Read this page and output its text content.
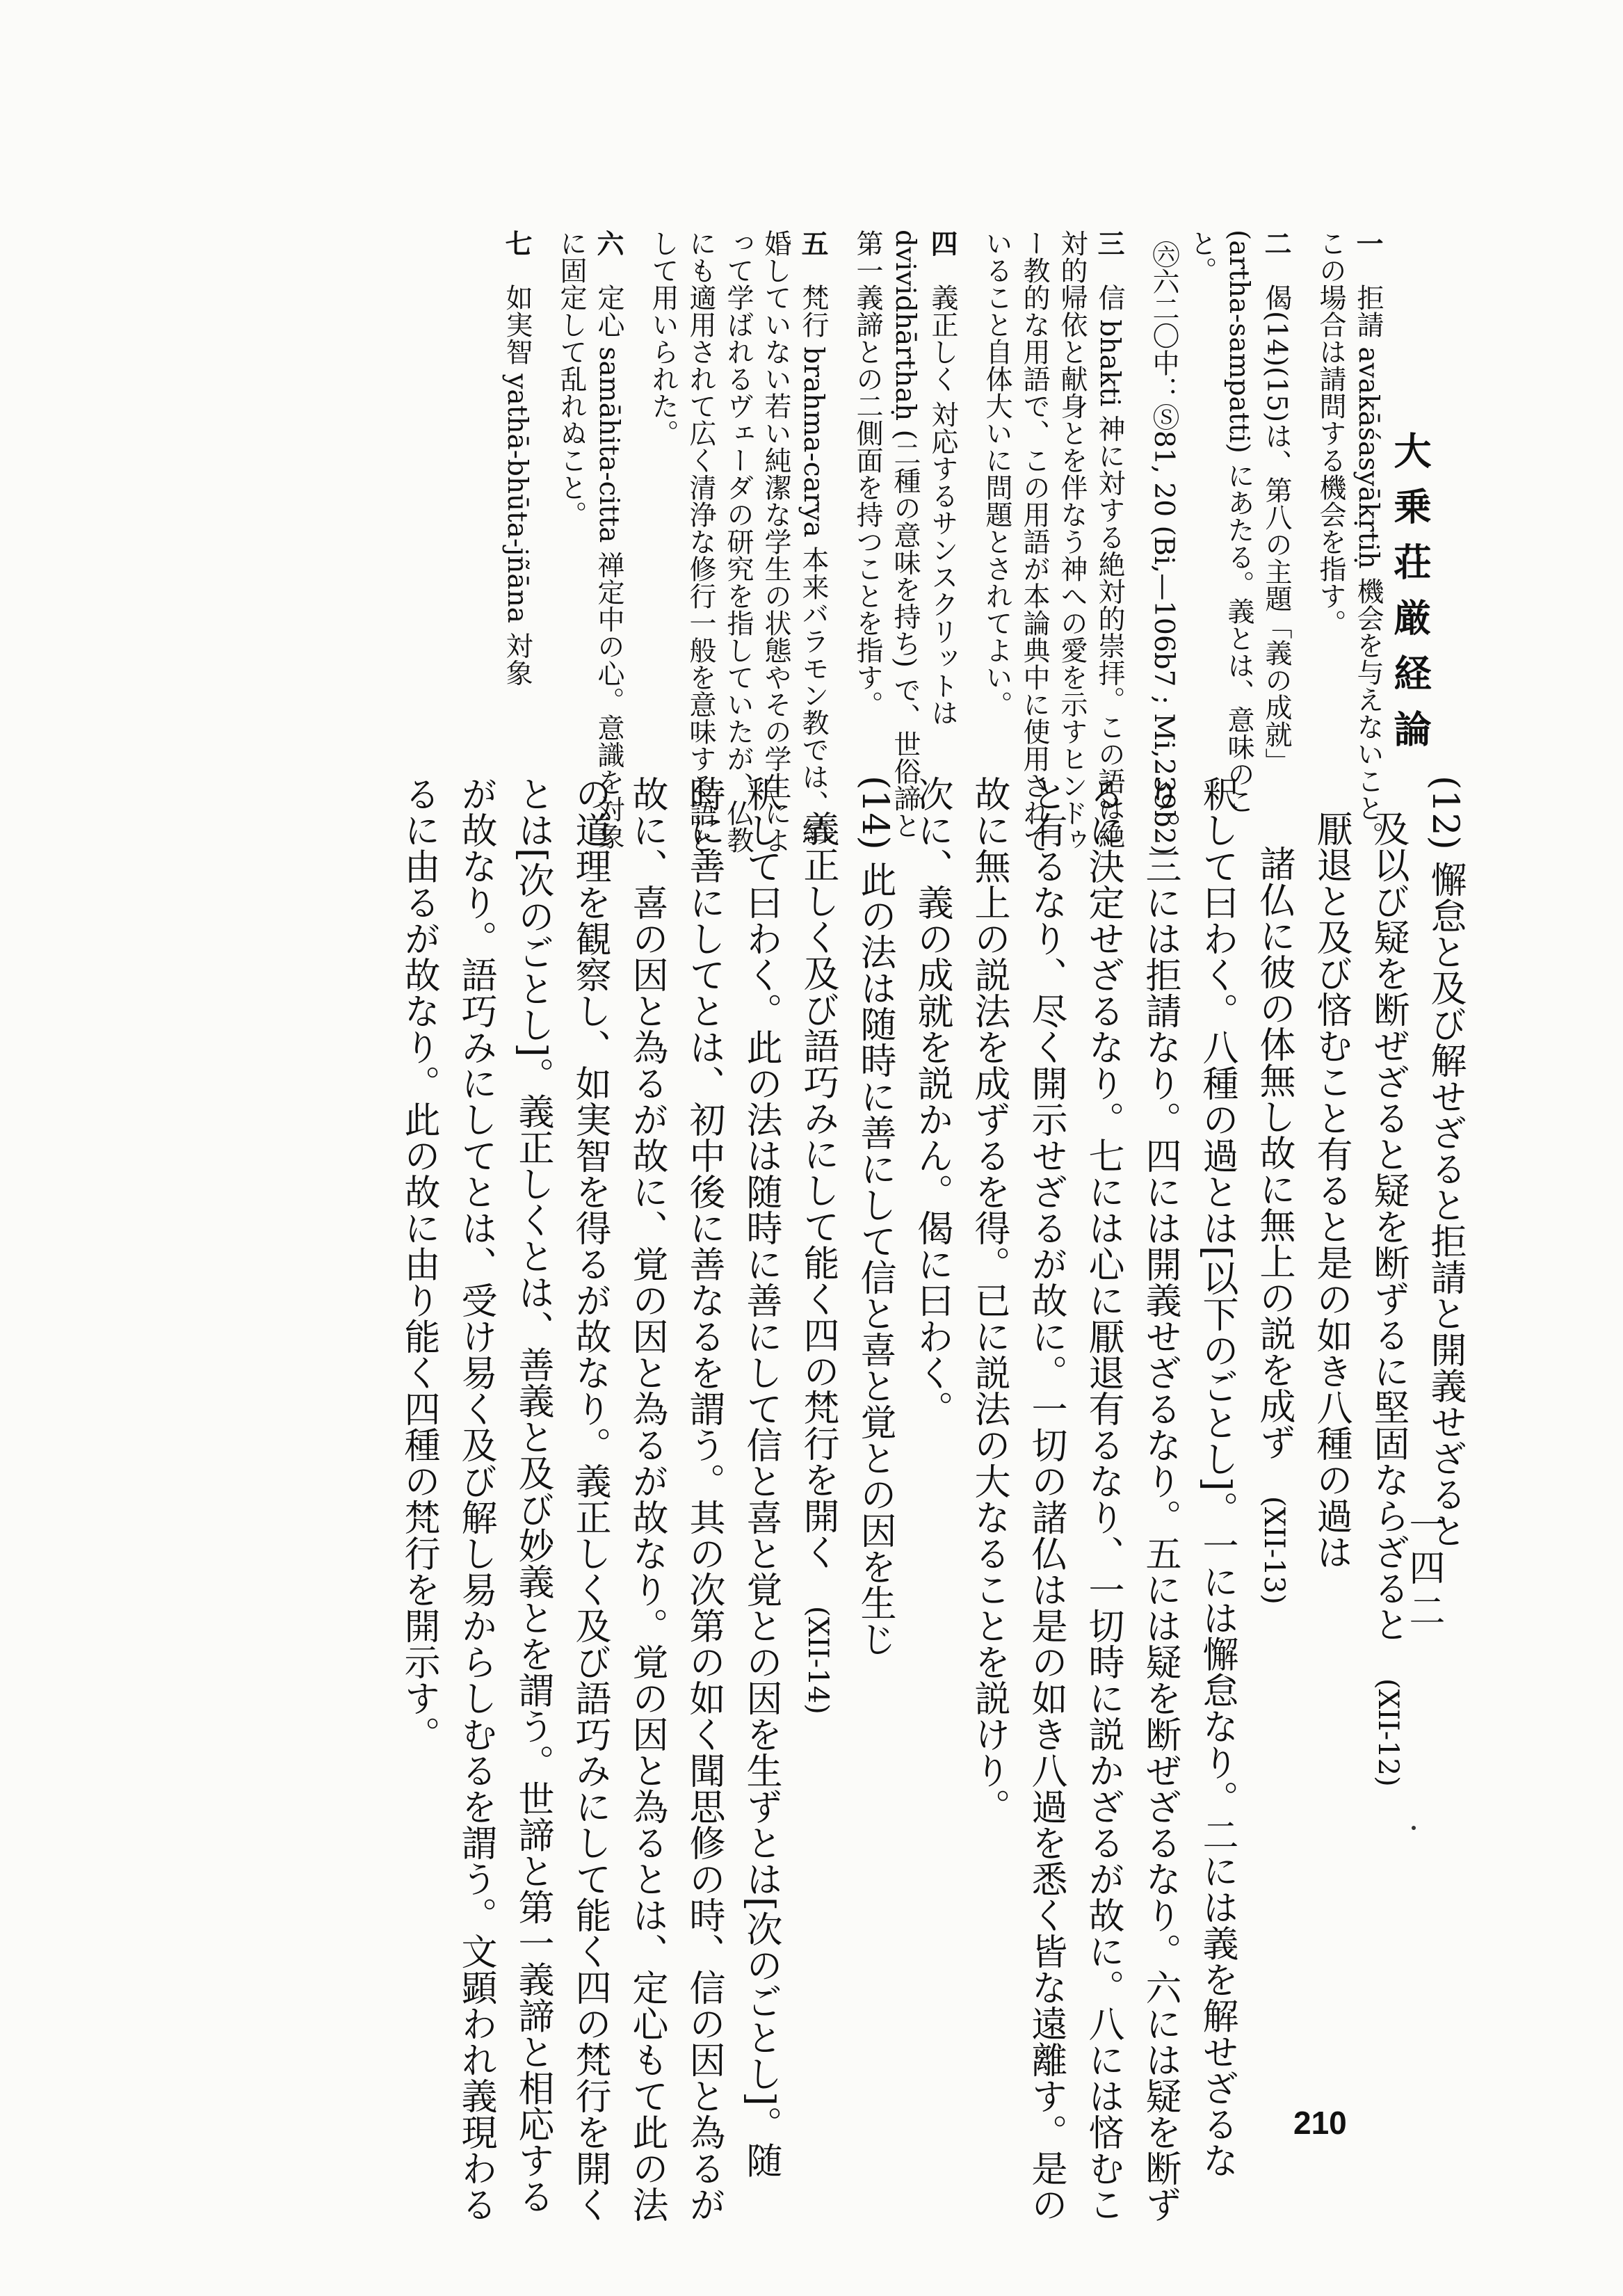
大乗荘厳経論
一四二
210
一　拒請 avakāśasyākṛtiḥ 機会を与えないこと。この場合は請問する機会を指す。
二　偈(14)(15)は、第八の主題「義の成就」(artha-sampatti) にあたる。義とは、意味のこと。
㊅六二〇中：Ⓢ81, 20 (Bi,—106b7 ; Mi,239b2)
三　信 bhakti 神に対する絶対的崇拝。この語は絶対的帰依と献身とを伴なう神への愛を示すヒンドゥー教的な用語で、この用語が本論典中に使用されていること自体大いに問題とされてよい。
四　義正しく 対応するサンスクリットは dvividhārthaḥ (二種の意味を持ち) で、世俗諦と第一義諦との二側面を持つことを指す。
五　梵行 brahma-carya 本来バラモン教では、結婚していない若い純潔な学生の状態やその学生によって学ばれるヴェーダの研究を指していたが、仏教にも適用されて広く清浄な修行一般を意味する語として用いられた。
六　定心 samāhita-citta 禅定中の心。意識を対象に固定して乱れぬこと。
七　如実智 yathā-bhūta-jñāna 対象
(12) 懈怠と及び解せざると拒請と開義せざると
及以び疑を断ぜざると疑を断ずるに堅固ならざると　(XII-12)
厭退と及び悋むこと有ると是の如き八種の過は
諸仏に彼の体無し故に無上の説を成ず　(XII-13)
釈して曰わく。八種の過とは[以下のごとし]。一には懈怠なり。二には義を解せざるな
り。三には拒請なり。四には開義せざるなり。五には疑を断ぜざるなり。六には疑を断ず
るに決定せざるなり。七には心に厭退有るなり、一切時に説かざるが故に。八には悋むこ
と有るなり、尽く開示せざるが故に。一切の諸仏は是の如き八過を悉く皆な遠離す。是の
故に無上の説法を成ずるを得。已に説法の大なることを説けり。
次に、義の成就を説かん。偈に曰わく。
(14) 此の法は随時に善にして信と喜と覚との因を生じ
義正しく及び語巧みにして能く四の梵行を開く　(XII-14)
釈して曰わく。此の法は随時に善にして信と喜と覚との因を生ずとは[次のごとし]。随
時に善にしてとは、初中後に善なるを謂う。其の次第の如く聞思修の時、信の因と為るが
故に、喜の因と為るが故に、覚の因と為るが故なり。覚の因と為るとは、定心もて此の法
の道理を観察し、如実智を得るが故なり。義正しく及び語巧みにして能く四の梵行を開く
とは[次のごとし]。義正しくとは、善義と及び妙義とを謂う。世諦と第一義諦と相応する
が故なり。語巧みにしてとは、受け易く及び解し易からしむるを謂う。文顕われ義現わる
るに由るが故なり。此の故に由り能く四種の梵行を開示す。
